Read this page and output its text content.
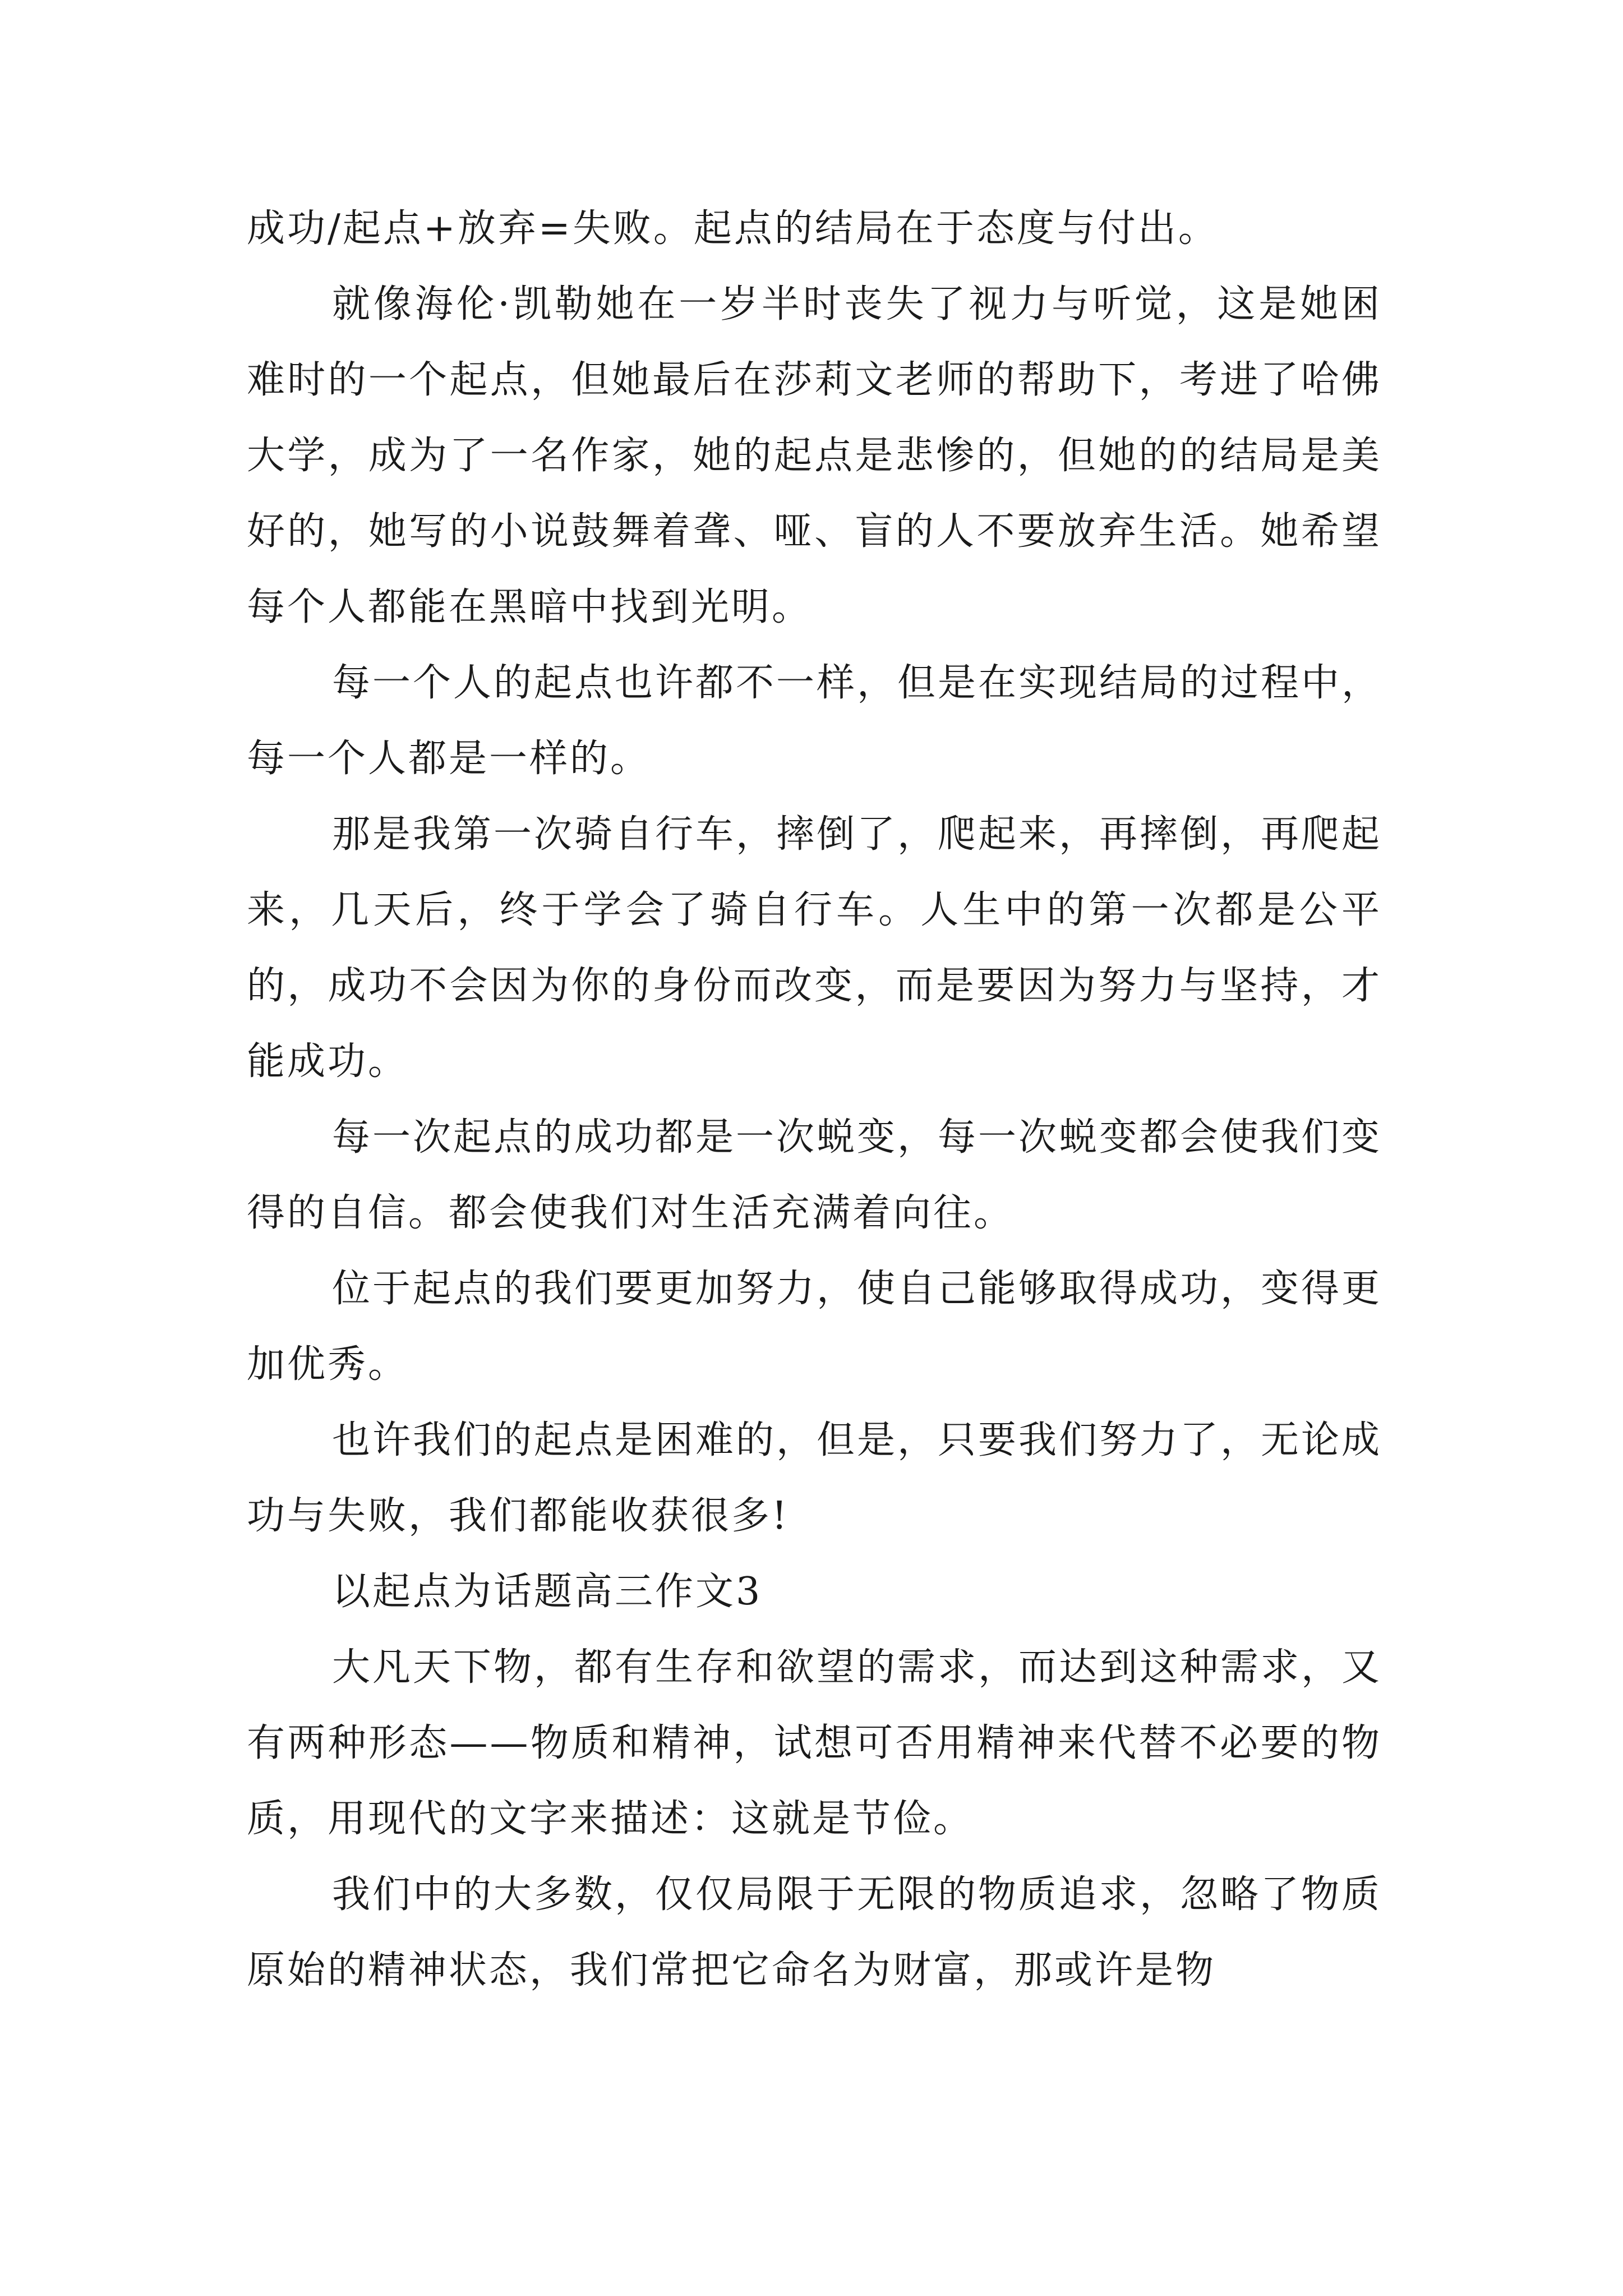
成功/起点+放弃=失败。起点的结局在于态度与付出。

就像海伦·凯勒她在一岁半时丧失了视力与听觉，这是她困难时的一个起点，但她最后在莎莉文老师的帮助下，考进了哈佛大学，成为了一名作家，她的起点是悲惨的，但她的的结局是美好的，她写的小说鼓舞着聋、哑、盲的人不要放弃生活。她希望每个人都能在黑暗中找到光明。

每一个人的起点也许都不一样，但是在实现结局的过程中，每一个人都是一样的。

那是我第一次骑自行车，摔倒了，爬起来，再摔倒，再爬起来，几天后，终于学会了骑自行车。人生中的第一次都是公平的，成功不会因为你的身份而改变，而是要因为努力与坚持，才能成功。

每一次起点的成功都是一次蜕变，每一次蜕变都会使我们变得的自信。都会使我们对生活充满着向往。

位于起点的我们要更加努力，使自己能够取得成功，变得更加优秀。

也许我们的起点是困难的，但是，只要我们努力了，无论成功与失败，我们都能收获很多!

以起点为话题高三作文3

大凡天下物，都有生存和欲望的需求，而达到这种需求，又有两种形态——物质和精神，试想可否用精神来代替不必要的物质，用现代的文字来描述：这就是节俭。

我们中的大多数，仅仅局限于无限的物质追求，忽略了物质原始的精神状态，我们常把它命名为财富，那或许是物
